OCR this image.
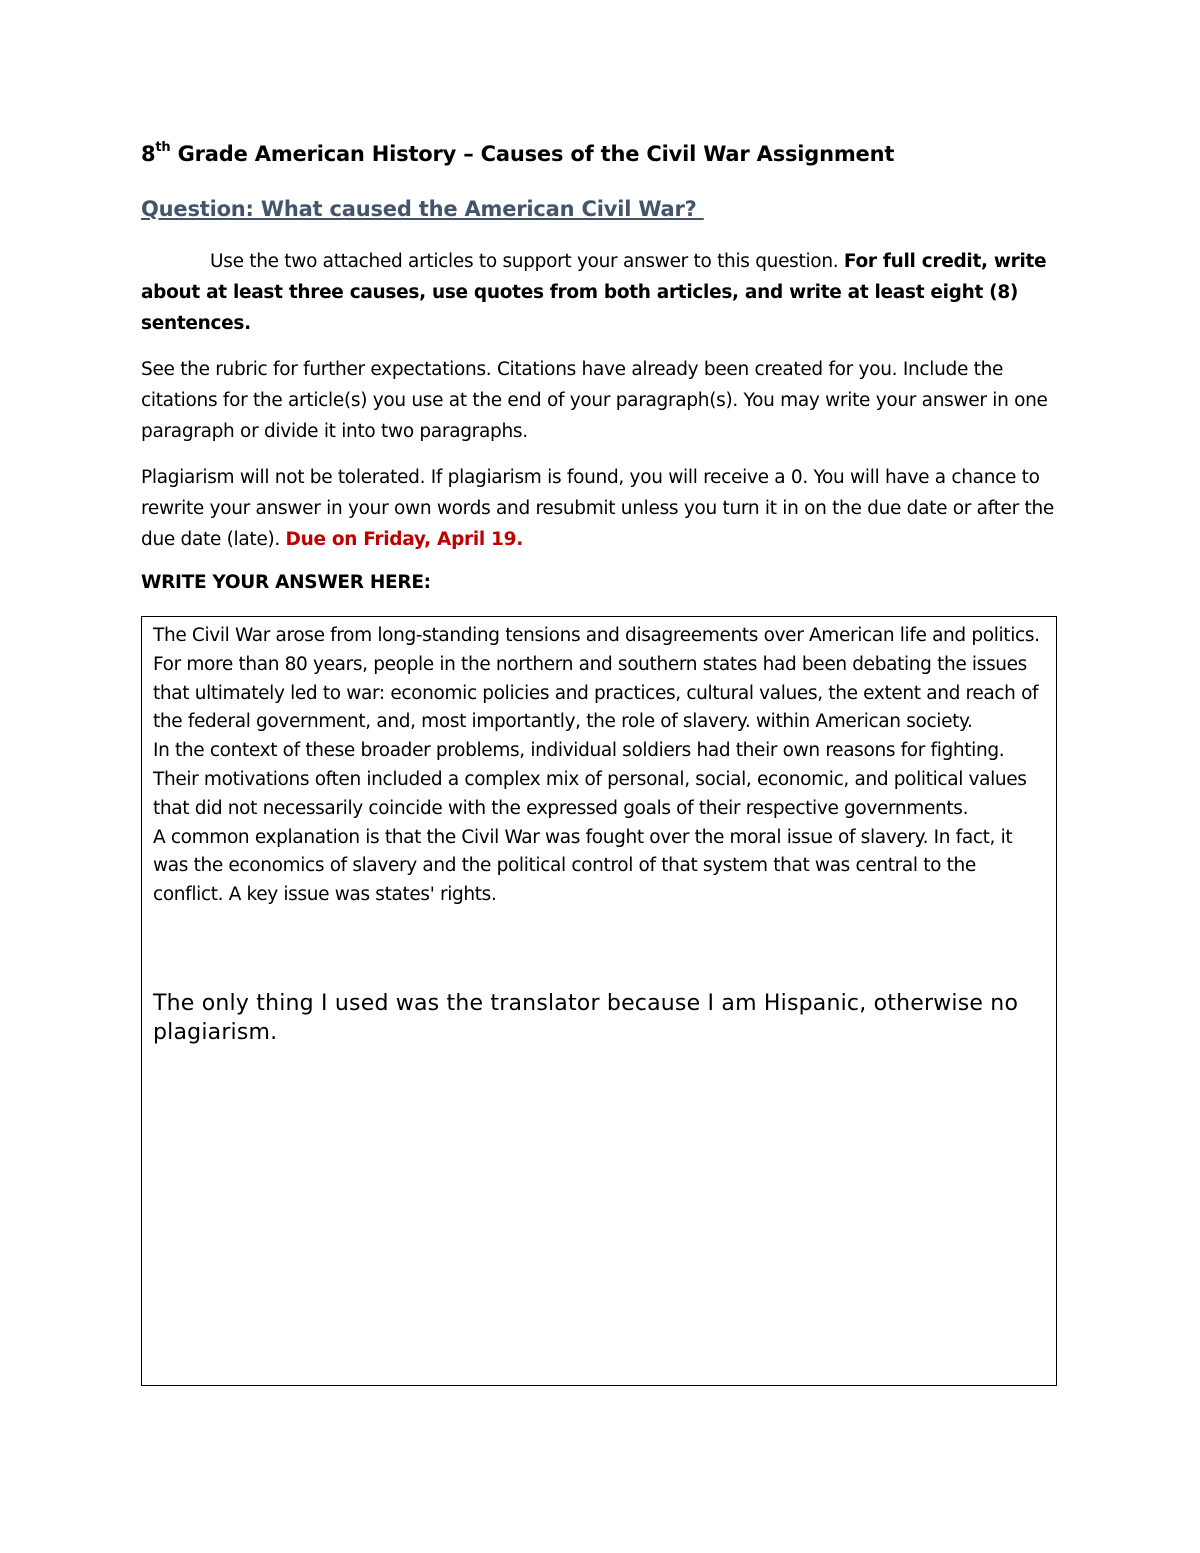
8th Grade American History – Causes of the Civil War Assignment
Question: What caused the American Civil War?
Use the two attached articles to support your answer to this question. For full credit, write about at least three causes, use quotes from both articles, and write at least eight (8) sentences.
See the rubric for further expectations. Citations have already been created for you. Include the citations for the article(s) you use at the end of your paragraph(s). You may write your answer in one paragraph or divide it into two paragraphs.
Plagiarism will not be tolerated. If plagiarism is found, you will receive a 0. You will have a chance to rewrite your answer in your own words and resubmit unless you turn it in on the due date or after the due date (late). Due on Friday, April 19.
WRITE YOUR ANSWER HERE:

The Civil War arose from long-standing tensions and disagreements over American life and politics. For more than 80 years, people in the northern and southern states had been debating the issues that ultimately led to war: economic policies and practices, cultural values, the extent and reach of the federal government, and, most importantly, the role of slavery. within American society.

In the context of these broader problems, individual soldiers had their own reasons for fighting. Their motivations often included a complex mix of personal, social, economic, and political values that did not necessarily coincide with the expressed goals of their respective governments.

A common explanation is that the Civil War was fought over the moral issue of slavery. In fact, it was the economics of slavery and the political control of that system that was central to the conflict. A key issue was states' rights.

The only thing I used was the translator because I am Hispanic, otherwise no plagiarism.
